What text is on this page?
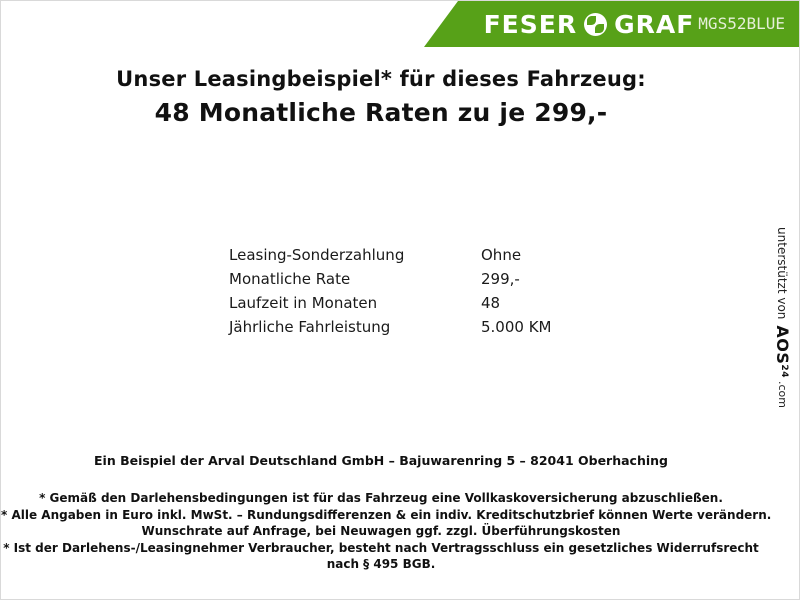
FESER GRAF MGS52BLUE
Unser Leasingbeispiel* für dieses Fahrzeug:
48 Monatliche Raten zu je 299,-
Leasing-Sonderzahlung	Ohne
Monatliche Rate	299,-
Laufzeit in Monaten	48
Jährliche Fahrleistung	5.000 KM
unterstützt von
AOS
24
.com
Ein Beispiel der Arval Deutschland GmbH – Bajuwarenring 5 – 82041 Oberhaching
* Gemäß den Darlehensbedingungen ist für das Fahrzeug eine Vollkaskoversicherung abzuschließen.
* Alle Angaben in Euro inkl. MwSt. – Rundungsdifferenzen & ein indiv. Kreditschutzbrief können Werte verändern.
Wunschrate auf Anfrage, bei Neuwagen ggf. zzgl. Überführungskosten
* Ist der Darlehens-/Leasingnehmer Verbraucher, besteht nach Vertragsschluss ein gesetzliches Widerrufsrecht
nach § 495 BGB.
